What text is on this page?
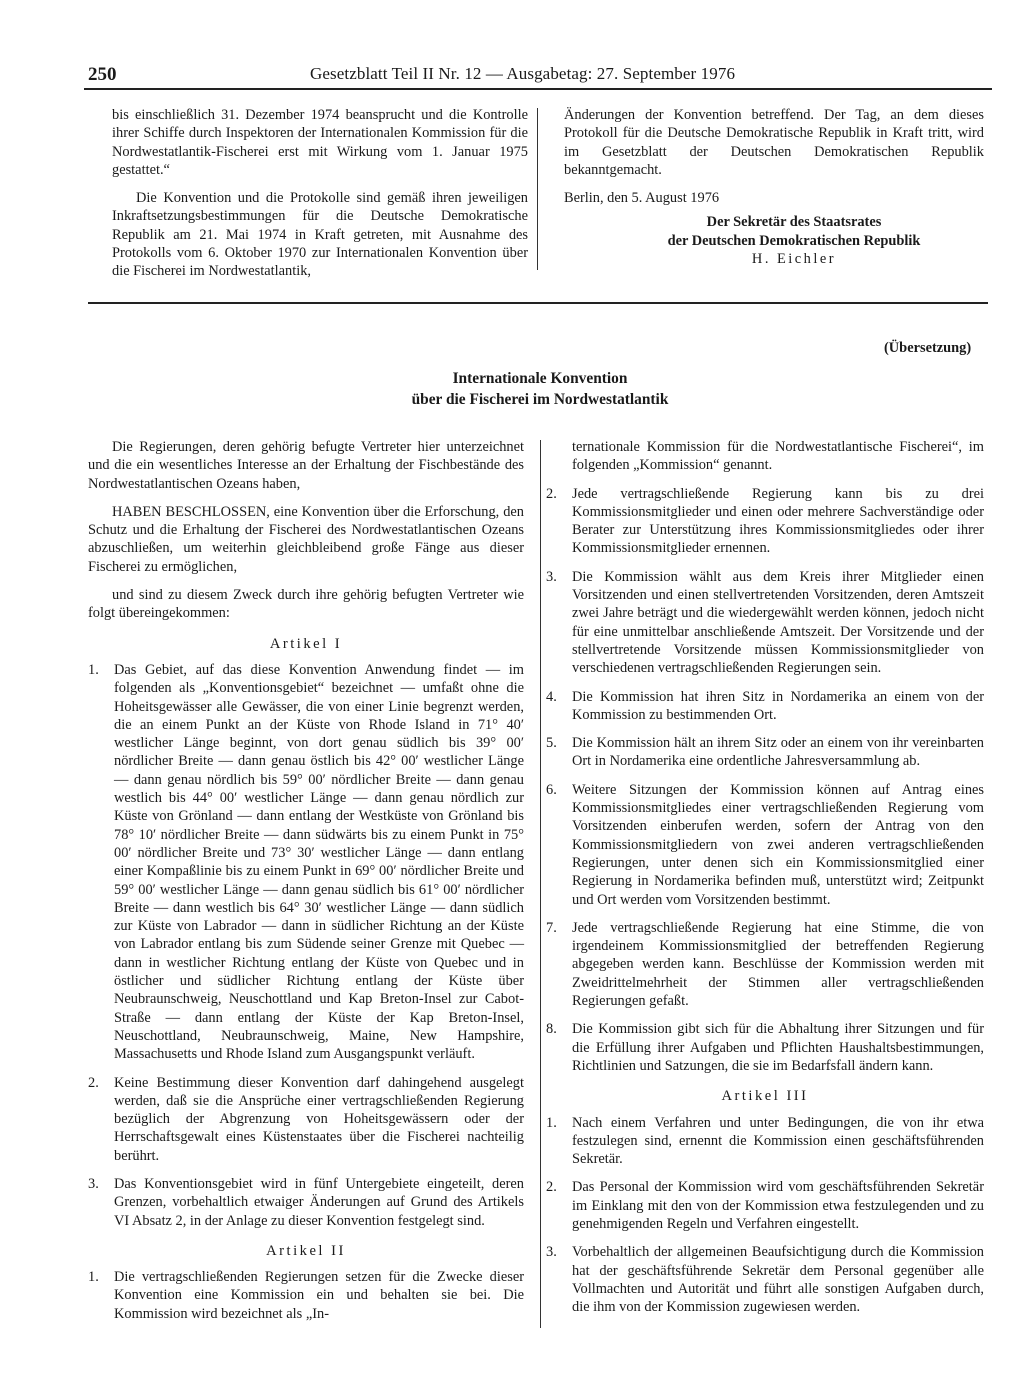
250	Gesetzblatt Teil II Nr. 12 — Ausgabetag: 27. September 1976

bis einschließlich 31. Dezember 1974 beansprucht und die Kontrolle ihrer Schiffe durch Inspektoren der Internationalen Kommission für die Nordwestatlantik-Fischerei erst mit Wirkung vom 1. Januar 1975 gestattet.“

Die Konvention und die Protokolle sind gemäß ihren jeweiligen Inkraftsetzungsbestimmungen für die Deutsche Demokratische Republik am 21. Mai 1974 in Kraft getreten, mit Ausnahme des Protokolls vom 6. Oktober 1970 zur Internationalen Konvention über die Fischerei im Nordwestatlantik,

Änderungen der Konvention betreffend. Der Tag, an dem dieses Protokoll für die Deutsche Demokratische Republik in Kraft tritt, wird im Gesetzblatt der Deutschen Demokratischen Republik bekanntgemacht.

Berlin, den 5. August 1976

Der Sekretär des Staatsrates
der Deutschen Demokratischen Republik
H. Eichler
(Übersetzung)
Internationale Konvention
über die Fischerei im Nordwestatlantik

Die Regierungen, deren gehörig befugte Vertreter hier unterzeichnet und die ein wesentliches Interesse an der Erhaltung der Fischbestände des Nordwestatlantischen Ozeans haben,

HABEN BESCHLOSSEN, eine Konvention über die Erforschung, den Schutz und die Erhaltung der Fischerei des Nordwestatlantischen Ozeans abzuschließen, um weiterhin gleichbleibend große Fänge aus dieser Fischerei zu ermöglichen,

und sind zu diesem Zweck durch ihre gehörig befugten Vertreter wie folgt übereingekommen:

Artikel I
1.	Das Gebiet, auf das diese Konvention Anwendung findet — im folgenden als „Konventionsgebiet“ bezeichnet — umfaßt ohne die Hoheitsgewässer alle Gewässer, die von einer Linie begrenzt werden, die an einem Punkt an der Küste von Rhode Island in 71° 40′ westlicher Länge beginnt, von dort genau südlich bis 39° 00′ nördlicher Breite — dann genau östlich bis 42° 00′ westlicher Länge — dann genau nördlich bis 59° 00′ nördlicher Breite — dann genau westlich bis 44° 00′ westlicher Länge — dann genau nördlich zur Küste von Grönland — dann entlang der Westküste von Grönland bis 78° 10′ nördlicher Breite — dann südwärts bis zu einem Punkt in 75° 00′ nördlicher Breite und 73° 30′ westlicher Länge — dann entlang einer Kompaßlinie bis zu einem Punkt in 69° 00′ nördlicher Breite und 59° 00′ westlicher Länge — dann genau südlich bis 61° 00′ nördlicher Breite — dann westlich bis 64° 30′ westlicher Länge — dann südlich zur Küste von Labrador — dann in südlicher Richtung an der Küste von Labrador entlang bis zum Südende seiner Grenze mit Quebec — dann in westlicher Richtung entlang der Küste von Quebec und in östlicher und südlicher Richtung entlang der Küste über Neubraunschweig, Neuschottland und Kap Breton-Insel zur Cabot-Straße — dann entlang der Küste der Kap Breton-Insel, Neuschottland, Neubraunschweig, Maine, New Hampshire, Massachusetts und Rhode Island zum Ausgangspunkt verläuft.
2.	Keine Bestimmung dieser Konvention darf dahingehend ausgelegt werden, daß sie die Ansprüche einer vertragschließenden Regierung bezüglich der Abgrenzung von Hoheitsgewässern oder der Herrschaftsgewalt eines Küstenstaates über die Fischerei nachteilig berührt.
3.	Das Konventionsgebiet wird in fünf Untergebiete eingeteilt, deren Grenzen, vorbehaltlich etwaiger Änderungen auf Grund des Artikels VI Absatz 2, in der Anlage zu dieser Konvention festgelegt sind.
Artikel II
1.	Die vertragschließenden Regierungen setzen für die Zwecke dieser Konvention eine Kommission ein und behalten sie bei. Die Kommission wird bezeichnet als „In-
ternationale Kommission für die Nordwestatlantische Fischerei“, im folgenden „Kommission“ genannt.
2.	Jede vertragschließende Regierung kann bis zu drei Kommissionsmitglieder und einen oder mehrere Sachverständige oder Berater zur Unterstützung ihres Kommissionsmitgliedes oder ihrer Kommissionsmitglieder ernennen.
3.	Die Kommission wählt aus dem Kreis ihrer Mitglieder einen Vorsitzenden und einen stellvertretenden Vorsitzenden, deren Amtszeit zwei Jahre beträgt und die wiedergewählt werden können, jedoch nicht für eine unmittelbar anschließende Amtszeit. Der Vorsitzende und der stellvertretende Vorsitzende müssen Kommissionsmitglieder von verschiedenen vertragschließenden Regierungen sein.
4.	Die Kommission hat ihren Sitz in Nordamerika an einem von der Kommission zu bestimmenden Ort.
5.	Die Kommission hält an ihrem Sitz oder an einem von ihr vereinbarten Ort in Nordamerika eine ordentliche Jahresversammlung ab.
6.	Weitere Sitzungen der Kommission können auf Antrag eines Kommissionsmitgliedes einer vertragschließenden Regierung vom Vorsitzenden einberufen werden, sofern der Antrag von den Kommissionsmitgliedern von zwei anderen vertragschließenden Regierungen, unter denen sich ein Kommissionsmitglied einer Regierung in Nordamerika befinden muß, unterstützt wird; Zeitpunkt und Ort werden vom Vorsitzenden bestimmt.
7.	Jede vertragschließende Regierung hat eine Stimme, die von irgendeinem Kommissionsmitglied der betreffenden Regierung abgegeben werden kann. Beschlüsse der Kommission werden mit Zweidrittelmehrheit der Stimmen aller vertragschließenden Regierungen gefaßt.
8.	Die Kommission gibt sich für die Abhaltung ihrer Sitzungen und für die Erfüllung ihrer Aufgaben und Pflichten Haushaltsbestimmungen, Richtlinien und Satzungen, die sie im Bedarfsfall ändern kann.
Artikel III
1.	Nach einem Verfahren und unter Bedingungen, die von ihr etwa festzulegen sind, ernennt die Kommission einen geschäftsführenden Sekretär.
2.	Das Personal der Kommission wird vom geschäftsführenden Sekretär im Einklang mit den von der Kommission etwa festzulegenden und zu genehmigenden Regeln und Verfahren eingestellt.
3.	Vorbehaltlich der allgemeinen Beaufsichtigung durch die Kommission hat der geschäftsführende Sekretär dem Personal gegenüber alle Vollmachten und Autorität und führt alle sonstigen Aufgaben durch, die ihm von der Kommission zugewiesen werden.
